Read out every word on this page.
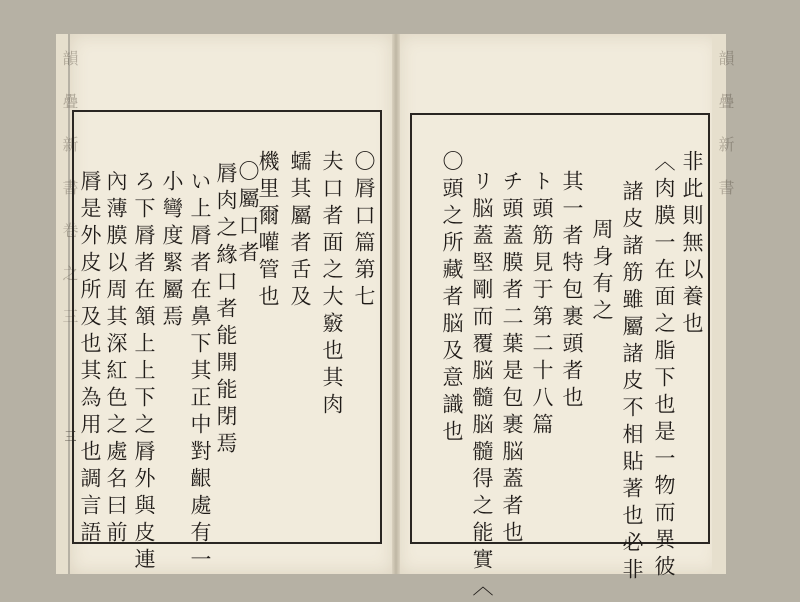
韻 疊 新 書 卷 之 三
三
韻 疊 新 書
〇脣口篇第七
夫口者面之大竅也其肉
蠕其屬者舌及
機里爾嚾管也
〇屬口者
脣肉之緣口者能開能閉焉
い上脣者在鼻下其正中對齦處有一
小彎度緊屬焉
ろ下脣者在頷上上下之脣外與皮連
內薄膜以周其深紅色之處名曰前
脣是外皮所及也其為用也調言語	非此則無以養也
〈肉膜一在面之脂下也是一物而異彼
諸皮諸筋雖屬諸皮不相貼著也必非
周身有之
其一者特包裹頭者也
ト頭筋見于第二十八篇
チ頭蓋膜者二葉是包裹脳蓋者也
リ脳蓋堅剛而覆脳髓脳髓得之能實〈
〇頭之所藏者脳及意識也
